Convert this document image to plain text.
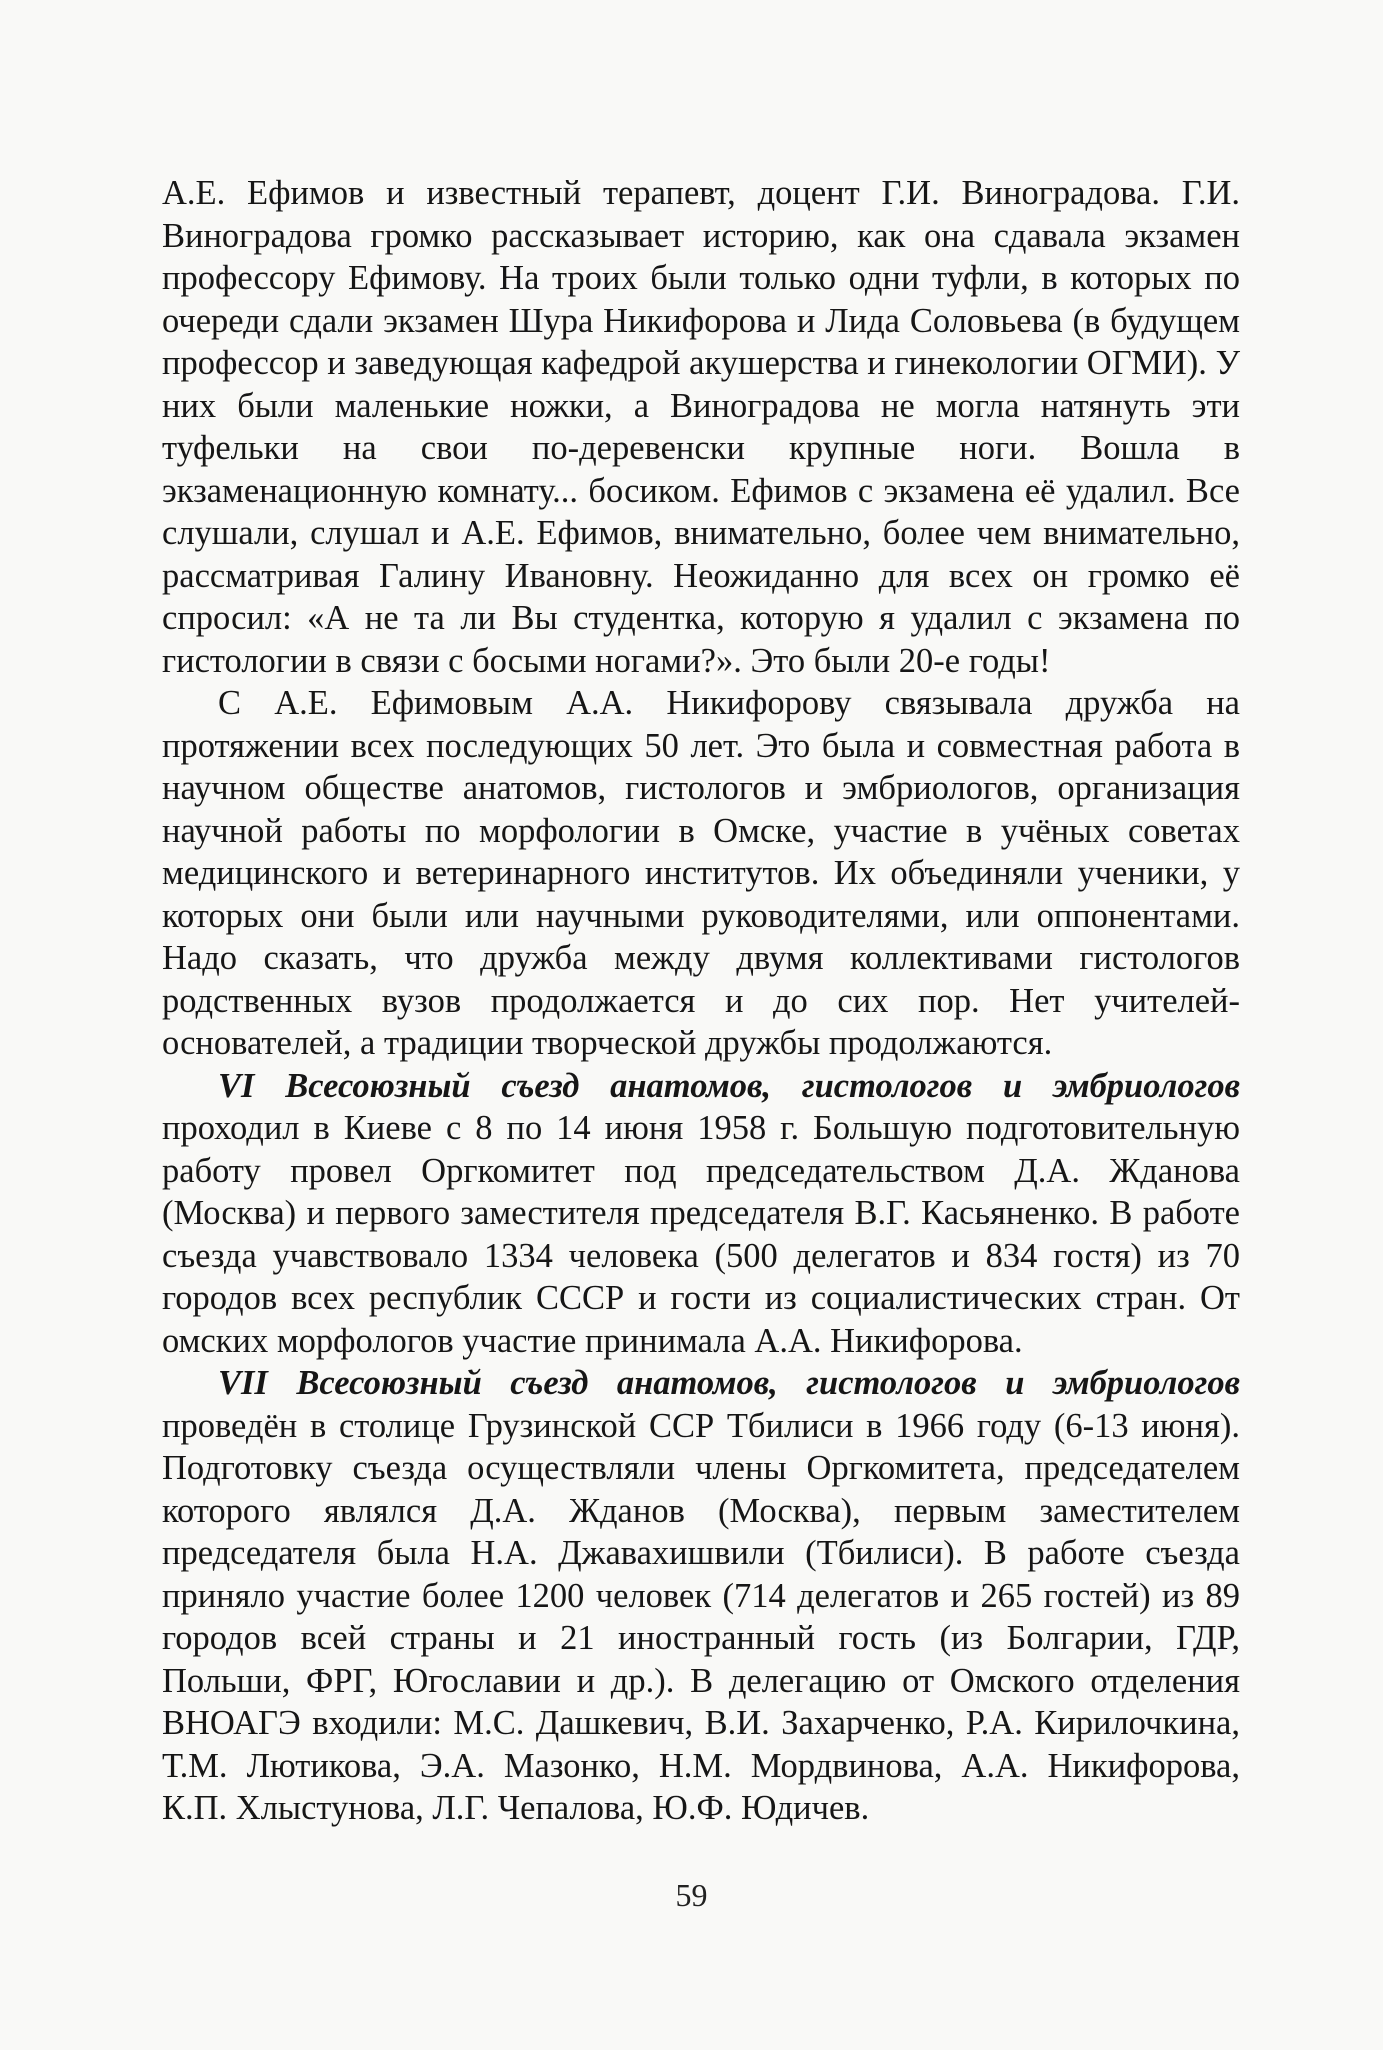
А.Е. Ефимов и известный терапевт, доцент Г.И. Виноградова. Г.И. Виноградова громко рассказывает историю, как она сдавала экзамен профессору Ефимову. На троих были только одни туфли, в которых по очереди сдали экзамен Шура Никифорова и Лида Соловьева (в будущем профессор и заведующая кафедрой акушерства и гинекологии ОГМИ). У них были маленькие ножки, а Виноградова не могла натянуть эти туфельки на свои по-деревенски крупные ноги. Вошла в экзаменационную комнату... босиком. Ефимов с экзамена её удалил. Все слушали, слушал и А.Е. Ефимов, внимательно, более чем внимательно, рассматривая Галину Ивановну. Неожиданно для всех он громко её спросил: «А не та ли Вы студентка, которую я удалил с экзамена по гистологии в связи с босыми ногами?». Это были 20-е годы!

С А.Е. Ефимовым А.А. Никифорову связывала дружба на протяжении всех последующих 50 лет. Это была и совместная работа в научном обществе анатомов, гистологов и эмбриологов, организация научной работы по морфологии в Омске, участие в учёных советах медицинского и ветеринарного институтов. Их объединяли ученики, у которых они были или научными руководителями, или оппонентами. Надо сказать, что дружба между двумя коллективами гистологов родственных вузов продолжается и до сих пор. Нет учителей-основателей, а традиции творческой дружбы продолжаются.

VI Всесоюзный съезд анатомов, гистологов и эмбриологов проходил в Киеве с 8 по 14 июня 1958 г. Большую подготовительную работу провел Оргкомитет под председательством Д.А. Жданова (Москва) и первого заместителя председателя В.Г. Касьяненко. В работе съезда учавствовало 1334 человека (500 делегатов и 834 гостя) из 70 городов всех республик СССР и гости из социалистических стран. От омских морфологов участие принимала А.А. Никифорова.

VII Всесоюзный съезд анатомов, гистологов и эмбриологов проведён в столице Грузинской ССР Тбилиси в 1966 году (6-13 июня). Подготовку съезда осуществляли члены Оргкомитета, председателем которого являлся Д.А. Жданов (Москва), первым заместителем председателя была Н.А. Джавахишвили (Тбилиси). В работе съезда приняло участие более 1200 человек (714 делегатов и 265 гостей) из 89 городов всей страны и 21 иностранный гость (из Болгарии, ГДР, Польши, ФРГ, Югославии и др.). В делегацию от Омского отделения ВНОАГЭ входили: М.С. Дашкевич, В.И. Захарченко, Р.А. Кирилочкина, Т.М. Лютикова, Э.А. Мазонко, Н.М. Мордвинова, А.А. Никифорова, К.П. Хлыстунова, Л.Г. Чепалова, Ю.Ф. Юдичев.

59
